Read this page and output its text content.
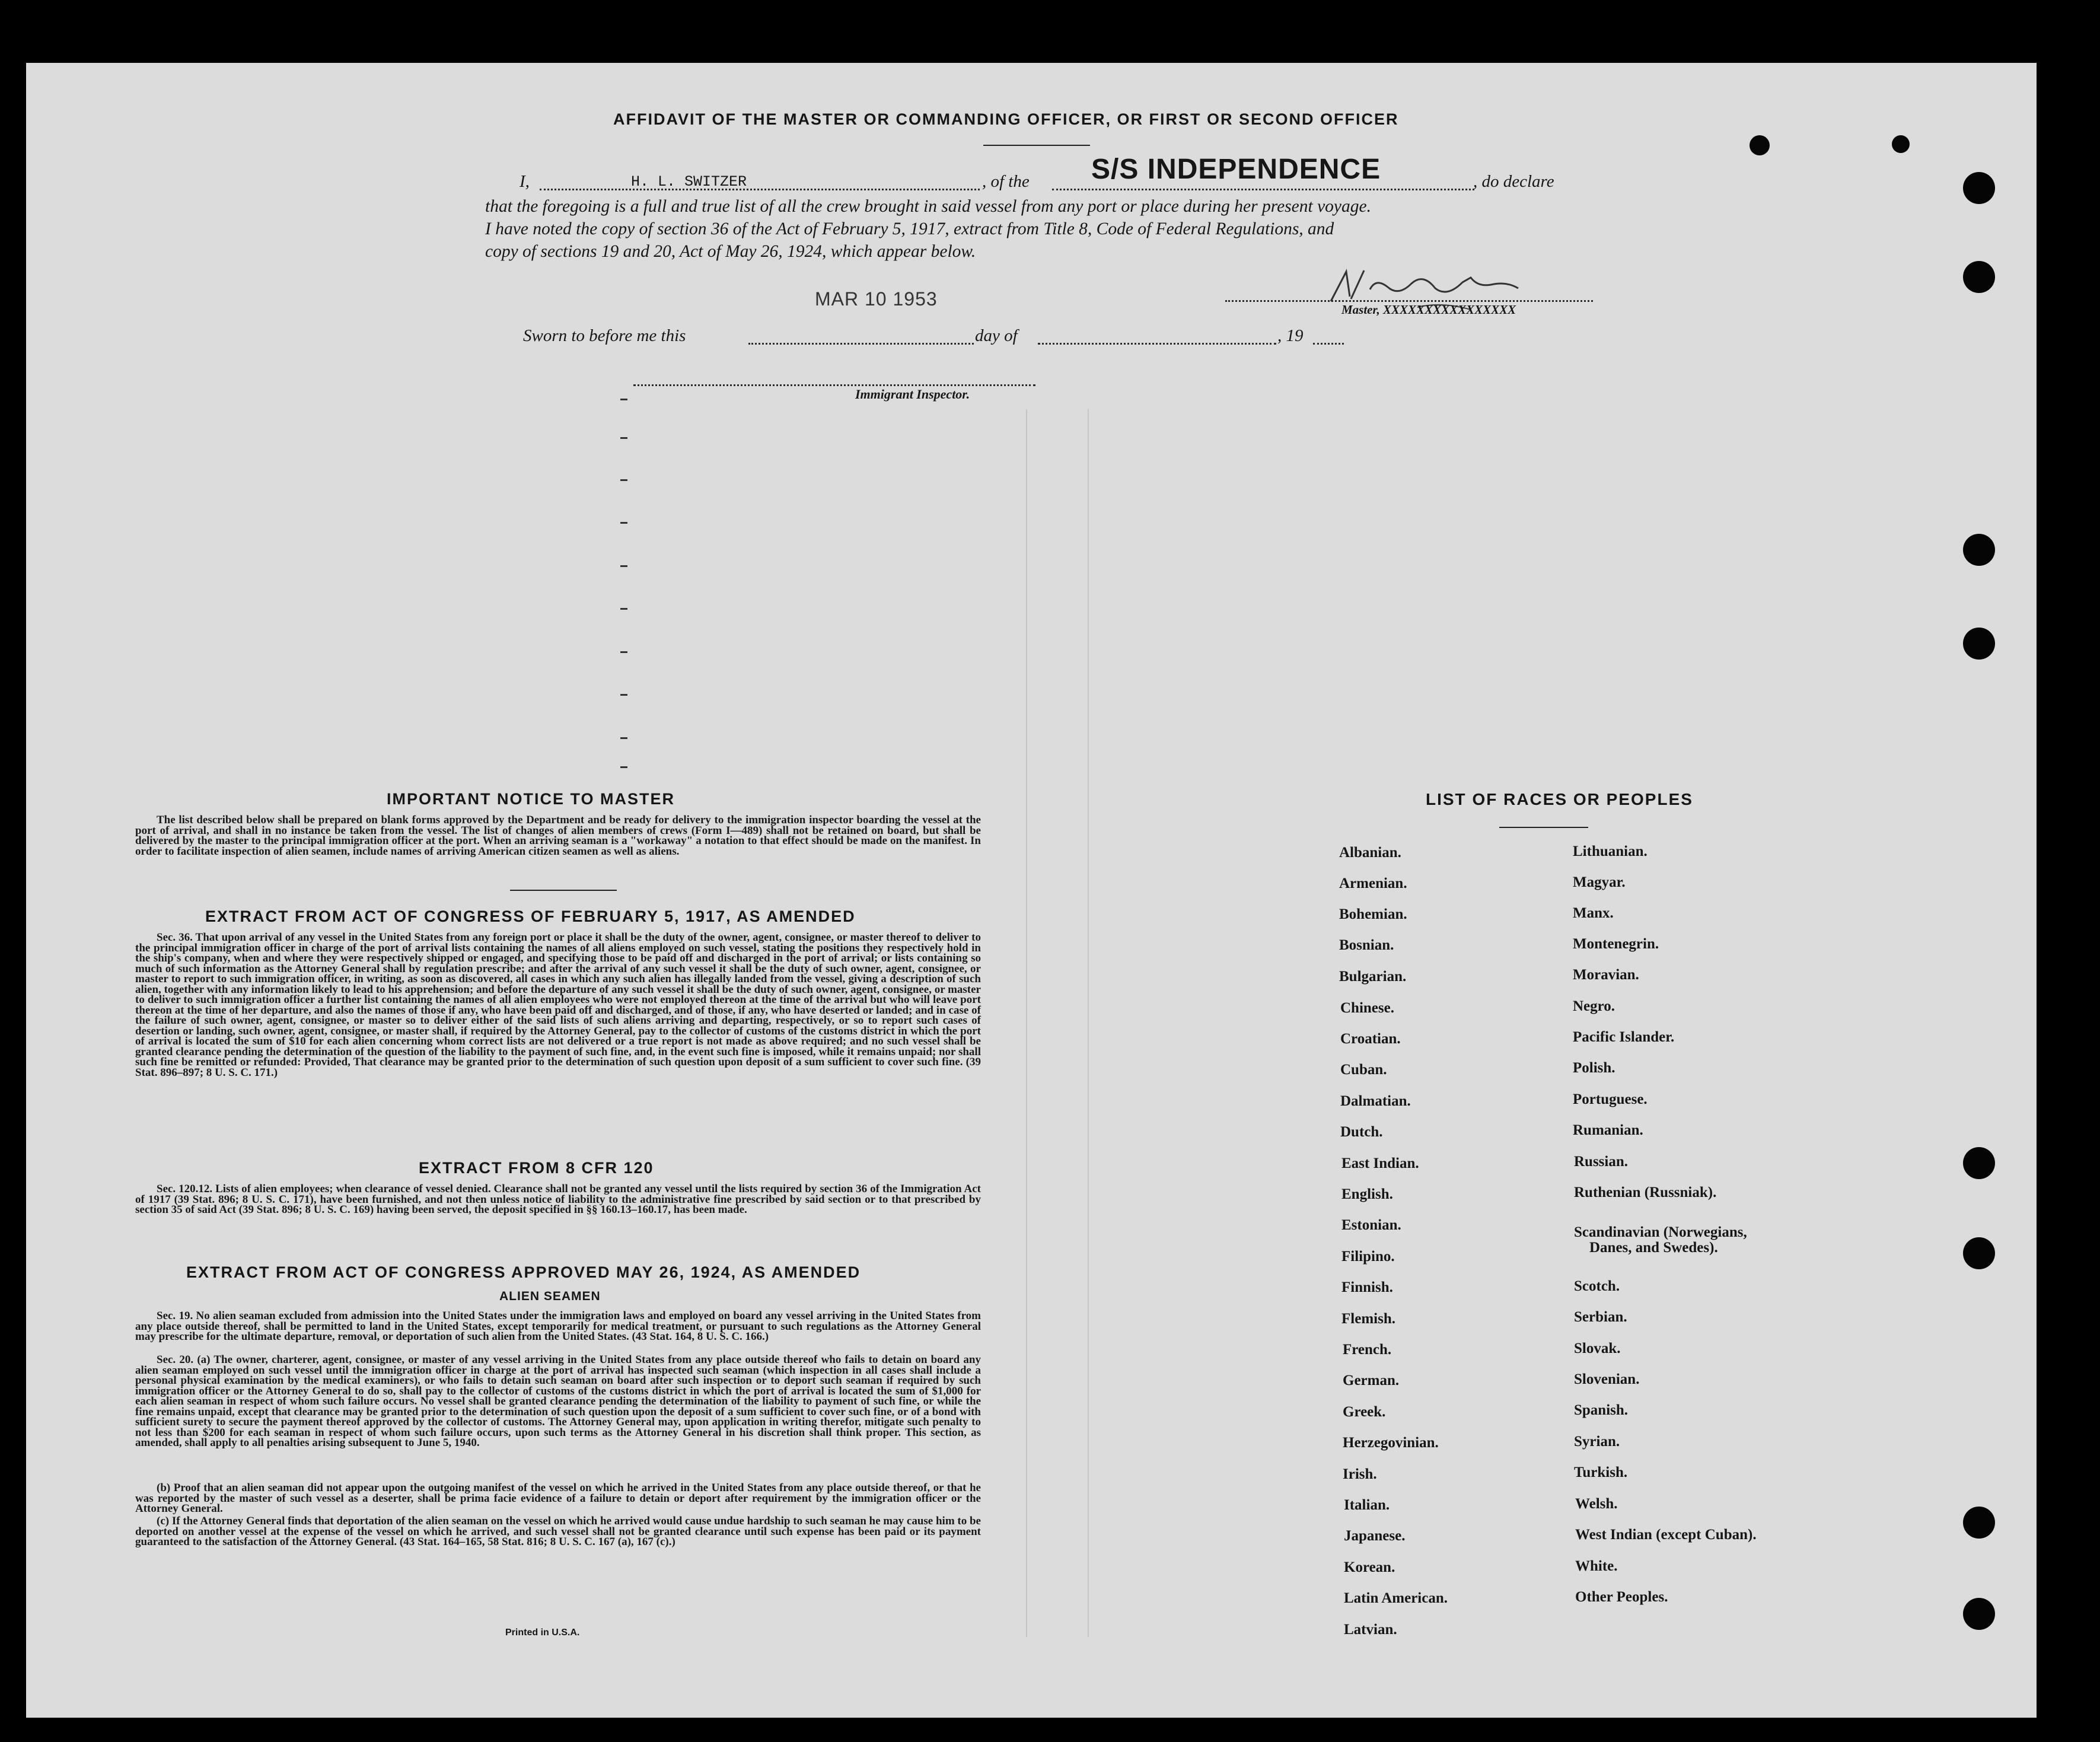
AFFIDAVIT OF THE MASTER OR COMMANDING OFFICER, OR FIRST OR SECOND OFFICER
I,	H. L. SWITZER	, of the S/S INDEPENDENCE	, do declare
that the foregoing is a full and true list of all the crew brought in said vessel from any port or place during her present voyage.
I have noted the copy of section 36 of the Act of February 5, 1917, extract from Title 8, Code of Federal Regulations, and
copy of sections 19 and 20, Act of May 26, 1924, which appear below.
MAR 10 1953	Master, XXXXXXXXXXXXXXXX
Sworn to before me this	day of	, 19
Immigrant Inspector.
IMPORTANT NOTICE TO MASTER
The list described below shall be prepared on blank forms approved by the Department and be ready for delivery to the immigration inspector boarding the vessel at the port of arrival, and shall in no instance be taken from the vessel. The list of changes of alien members of crews (Form I—489) shall not be retained on board, but shall be delivered by the master to the principal immigration officer at the port. When an arriving seaman is a "workaway" a notation to that effect should be made on the manifest. In order to facilitate inspection of alien seamen, include names of arriving American citizen seamen as well as aliens.
EXTRACT FROM ACT OF CONGRESS OF FEBRUARY 5, 1917, AS AMENDED
Sec. 36. That upon arrival of any vessel in the United States from any foreign port or place it shall be the duty of the owner, agent, consignee, or master thereof to deliver to the principal immigration officer in charge of the port of arrival lists containing the names of all aliens employed on such vessel, stating the positions they respectively hold in the ship's company, when and where they were respectively shipped or engaged, and specifying those to be paid off and discharged in the port of arrival; or lists containing so much of such information as the Attorney General shall by regulation prescribe; and after the arrival of any such vessel it shall be the duty of such owner, agent, consignee, or master to report to such immigration officer, in writing, as soon as discovered, all cases in which any such alien has illegally landed from the vessel, giving a description of such alien, together with any information likely to lead to his apprehension; and before the departure of any such vessel it shall be the duty of such owner, agent, consignee, or master to deliver to such immigration officer a further list containing the names of all alien employees who were not employed thereon at the time of the arrival but who will leave port thereon at the time of her departure, and also the names of those if any, who have been paid off and discharged, and of those, if any, who have deserted or landed; and in case of the failure of such owner, agent, consignee, or master so to deliver either of the said lists of such aliens arriving and departing, respectively, or so to report such cases of desertion or landing, such owner, agent, consignee, or master shall, if required by the Attorney General, pay to the collector of customs of the customs district in which the port of arrival is located the sum of $10 for each alien concerning whom correct lists are not delivered or a true report is not made as above required; and no such vessel shall be granted clearance pending the determination of the question of the liability to the payment of such fine, and, in the event such fine is imposed, while it remains unpaid; nor shall such fine be remitted or refunded: Provided, That clearance may be granted prior to the determination of such question upon deposit of a sum sufficient to cover such fine. (39 Stat. 896–897; 8 U. S. C. 171.)
EXTRACT FROM 8 CFR 120
Sec. 120.12. Lists of alien employees; when clearance of vessel denied. Clearance shall not be granted any vessel until the lists required by section 36 of the Immigration Act of 1917 (39 Stat. 896; 8 U. S. C. 171), have been furnished, and not then unless notice of liability to the administrative fine prescribed by said section or to that prescribed by section 35 of said Act (39 Stat. 896; 8 U. S. C. 169) having been served, the deposit specified in §§ 160.13–160.17, has been made.
EXTRACT FROM ACT OF CONGRESS APPROVED MAY 26, 1924, AS AMENDED
ALIEN SEAMEN
Sec. 19. No alien seaman excluded from admission into the United States under the immigration laws and employed on board any vessel arriving in the United States from any place outside thereof, shall be permitted to land in the United States, except temporarily for medical treatment, or pursuant to such regulations as the Attorney General may prescribe for the ultimate departure, removal, or deportation of such alien from the United States. (43 Stat. 164, 8 U. S. C. 166.)
Sec. 20. (a) The owner, charterer, agent, consignee, or master of any vessel arriving in the United States from any place outside thereof who fails to detain on board any alien seaman employed on such vessel until the immigration officer in charge at the port of arrival has inspected such seaman (which inspection in all cases shall include a personal physical examination by the medical examiners), or who fails to detain such seaman on board after such inspection or to deport such seaman if required by such immigration officer or the Attorney General to do so, shall pay to the collector of customs of the customs district in which the port of arrival is located the sum of $1,000 for each alien seaman in respect of whom such failure occurs. No vessel shall be granted clearance pending the determination of the liability to payment of such fine, or while the fine remains unpaid, except that clearance may be granted prior to the determination of such question upon the deposit of a sum sufficient to cover such fine, or of a bond with sufficient surety to secure the payment thereof approved by the collector of customs. The Attorney General may, upon application in writing therefor, mitigate such penalty to not less than $200 for each seaman in respect of whom such failure occurs, upon such terms as the Attorney General in his discretion shall think proper. This section, as amended, shall apply to all penalties arising subsequent to June 5, 1940.
(b) Proof that an alien seaman did not appear upon the outgoing manifest of the vessel on which he arrived in the United States from any place outside thereof, or that he was reported by the master of such vessel as a deserter, shall be prima facie evidence of a failure to detain or deport after requirement by the immigration officer or the Attorney General.
(c) If the Attorney General finds that deportation of the alien seaman on the vessel on which he arrived would cause undue hardship to such seaman he may cause him to be deported on another vessel at the expense of the vessel on which he arrived, and such vessel shall not be granted clearance until such expense has been paid or its payment guaranteed to the satisfaction of the Attorney General. (43 Stat. 164–165, 58 Stat. 816; 8 U. S. C. 167 (a), 167 (c).)
Printed in U.S.A.
LIST OF RACES OR PEOPLES
Albanian.
Armenian.
Bohemian.
Bosnian.
Bulgarian.
Chinese.
Croatian.
Cuban.
Dalmatian.
Dutch.
East Indian.
English.
Estonian.
Filipino.
Finnish.
Flemish.
French.
German.
Greek.
Herzegovinian.
Irish.
Italian.
Japanese.
Korean.
Latin American.
Latvian.
Lithuanian.
Magyar.
Manx.
Montenegrin.
Moravian.
Negro.
Pacific Islander.
Polish.
Portuguese.
Rumanian.
Russian.
Ruthenian (Russniak).
Scandinavian (Norwegians,
Danes, and Swedes).
Scotch.
Serbian.
Slovak.
Slovenian.
Spanish.
Syrian.
Turkish.
Welsh.
West Indian (except Cuban).
White.
Other Peoples.
